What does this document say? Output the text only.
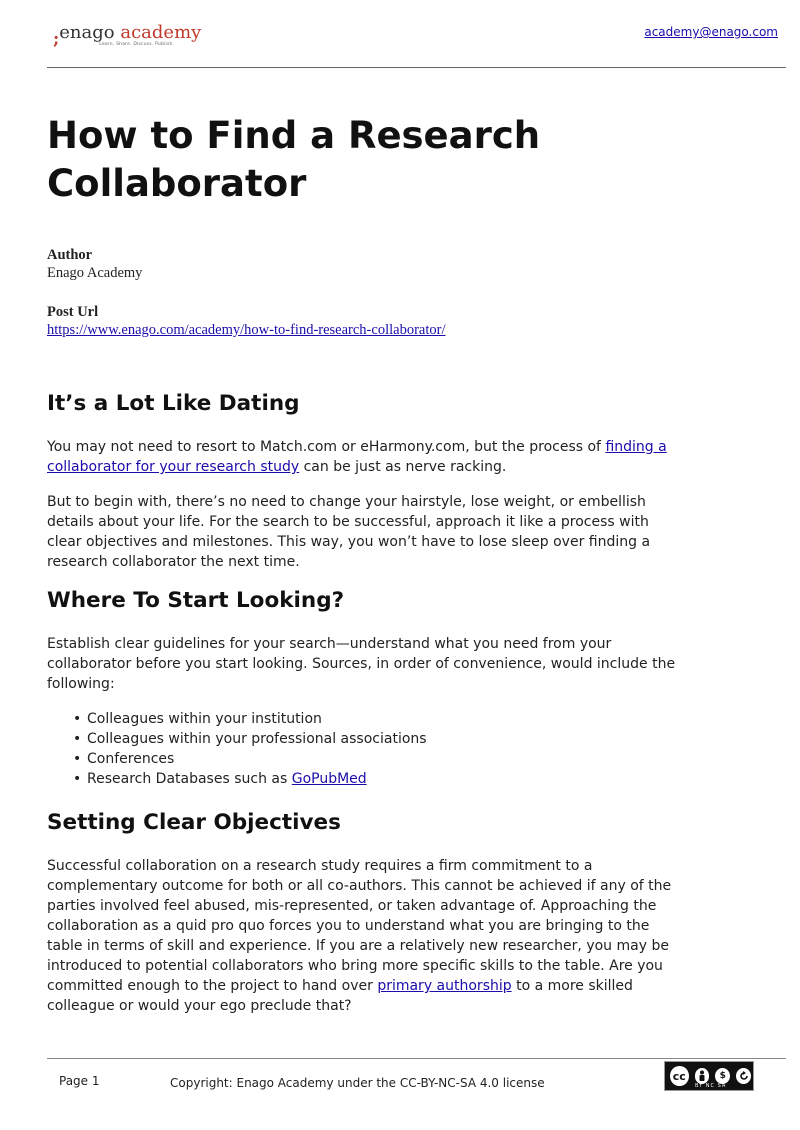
; enago academy
Learn. Share. Discuss. Publish.
academy@enago.com
How to Find a Research Collaborator
Author
Enago Academy
Post Url
https://www.enago.com/academy/how-to-find-research-collaborator/
It’s a Lot Like Dating

You may not need to resort to Match.com or eHarmony.com, but the process of finding a collaborator for your research study can be just as nerve racking.

But to begin with, there’s no need to change your hairstyle, lose weight, or embellish details about your life. For the search to be successful, approach it like a process with clear objectives and milestones. This way, you won’t have to lose sleep over finding a research collaborator the next time.

Where To Start Looking?

Establish clear guidelines for your search—understand what you need from your collaborator before you start looking. Sources, in order of convenience, would include the following:

• Colleagues within your institution
• Colleagues within your professional associations
• Conferences
• Research Databases such as GoPubMed
Setting Clear Objectives

Successful collaboration on a research study requires a firm commitment to a complementary outcome for both or all co-authors. This cannot be achieved if any of the parties involved feel abused, mis-represented, or taken advantage of. Approaching the collaboration as a quid pro quo forces you to understand what you are bringing to the table in terms of skill and experience. If you are a relatively new researcher, you may be introduced to potential collaborators who bring more specific skills to the table. Are you committed enough to the project to hand over primary authorship to a more skilled colleague or would your ego preclude that?

Page 1	Copyright: Enago Academy under the CC-BY-NC-SA 4.0 license	cc	$
BY NC SA
